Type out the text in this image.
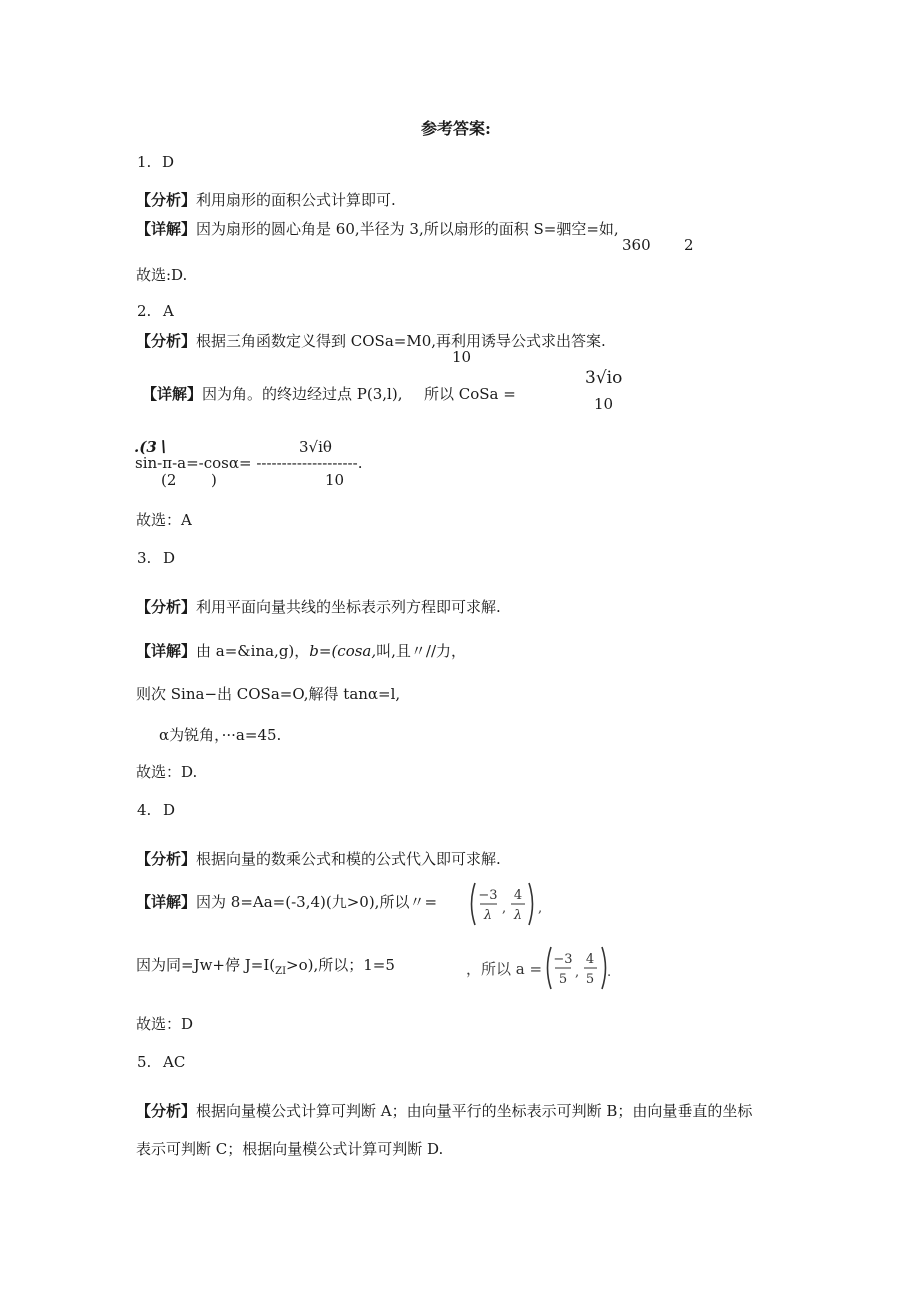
参考答案:
1. D
【分析】利用扇形的面积公式计算即可.
【详解】因为扇形的圆心角是 60,半径为 3,所以扇形的面积 S=驷空=如,
360 2
故选:D.
2. A
【分析】根据三角函数定义得到 COSa=M0,再利用诱导公式求出答案.
10
3√io
【详解】因为角。的终边经过点 P(3,l), 所以 CoSa =
10
.(3∖	3√iθ
sin-π-a=-cosα= --------------------.
(2 )	10
故选：A
3. D
【分析】利用平面向量共线的坐标表示列方程即可求解.
【详解】由 a=&ina,g)，b=(cosa,叫,且〃//力，
则次 Sina−出 COSa=O,解得 tanα=l,
α为锐角，···a=45.
故选：D.
4. D
【分析】根据向量的数乘公式和模的公式代入即可求解.
【详解】因为 8=Aa=(-3,4)(九>0),所以〃=	−3
λ ,
4
λ ,
因为同=Jw+停 $J=I(_{ZI}>o)$,所以；1=5	，所以 a =
−3
5 ,
4
5 .
故选：D
5. AC
【分析】根据向量模公式计算可判断 A；由向量平行的坐标表示可判断 B；由向量垂直的坐标
表示可判断 C；根据向量模公式计算可判断 D.
